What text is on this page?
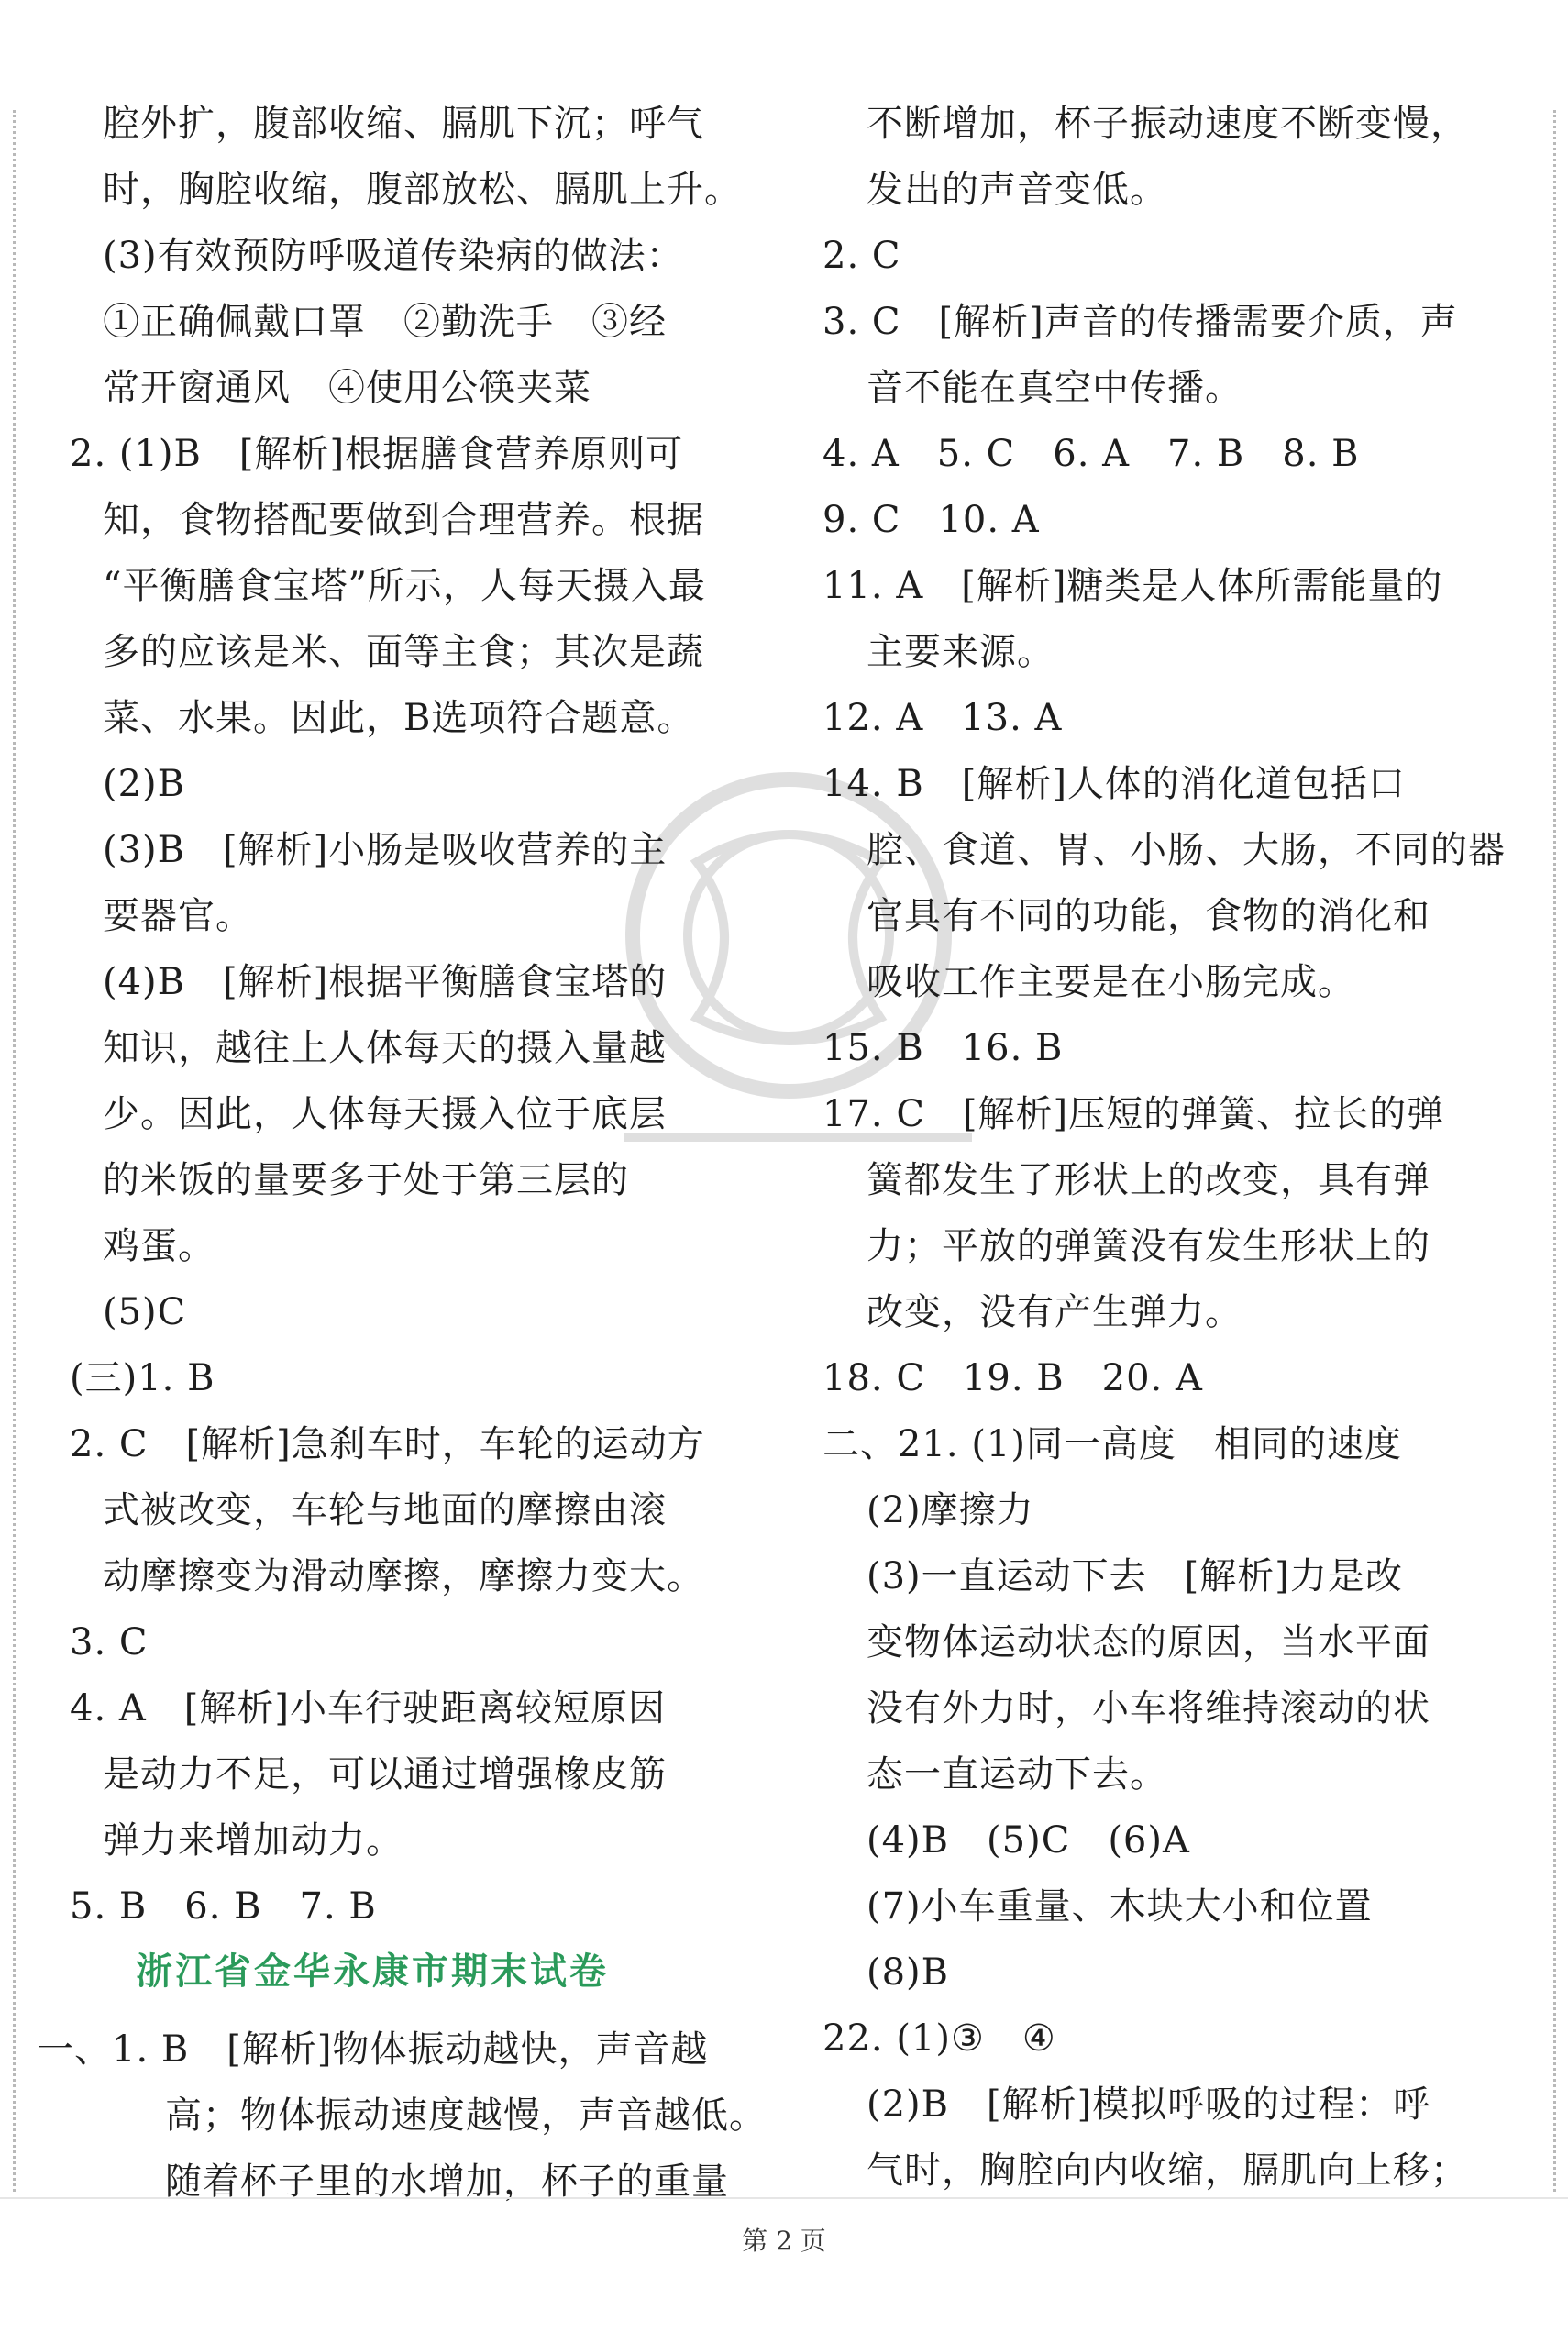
腔外扩，腹部收缩、膈肌下沉；呼气
时，胸腔收缩，腹部放松、膈肌上升。
(3)有效预防呼吸道传染病的做法：
①正确佩戴口罩　②勤洗手　③经
常开窗通风　④使用公筷夹菜
2. (1)B　[解析]根据膳食营养原则可
知，食物搭配要做到合理营养。根据
“平衡膳食宝塔”所示，人每天摄入最
多的应该是米、面等主食；其次是蔬
菜、水果。因此，B选项符合题意。
(2)B
(3)B　[解析]小肠是吸收营养的主
要器官。
(4)B　[解析]根据平衡膳食宝塔的
知识，越往上人体每天的摄入量越
少。因此，人体每天摄入位于底层
的米饭的量要多于处于第三层的
鸡蛋。
(5)C
(三)1. B
2. C　[解析]急刹车时，车轮的运动方
式被改变，车轮与地面的摩擦由滚
动摩擦变为滑动摩擦，摩擦力变大。
3. C
4. A　[解析]小车行驶距离较短原因
是动力不足，可以通过增强橡皮筋
弹力来增加动力。
5. B　6. B　7. B
浙江省金华永康市期末试卷
一、1. B　[解析]物体振动越快，声音越
高；物体振动速度越慢，声音越低。
随着杯子里的水增加，杯子的重量
不断增加，杯子振动速度不断变慢，
发出的声音变低。
2. C
3. C　[解析]声音的传播需要介质，声
音不能在真空中传播。
4. A　5. C　6. A　7. B　8. B
9. C　10. A
11. A　[解析]糖类是人体所需能量的
主要来源。
12. A　13. A
14. B　[解析]人体的消化道包括口
腔、食道、胃、小肠、大肠，不同的器
官具有不同的功能，食物的消化和
吸收工作主要是在小肠完成。
15. B　16. B
17. C　[解析]压短的弹簧、拉长的弹
簧都发生了形状上的改变，具有弹
力；平放的弹簧没有发生形状上的
改变，没有产生弹力。
18. C　19. B　20. A
二、21. (1)同一高度　相同的速度
(2)摩擦力
(3)一直运动下去　[解析]力是改
变物体运动状态的原因，当水平面
没有外力时，小车将维持滚动的状
态一直运动下去。
(4)B　(5)C　(6)A
(7)小车重量、木块大小和位置
(8)B
22. (1)③　④
(2)B　[解析]模拟呼吸的过程：呼
气时，胸腔向内收缩，膈肌向上移；
第 2 页
